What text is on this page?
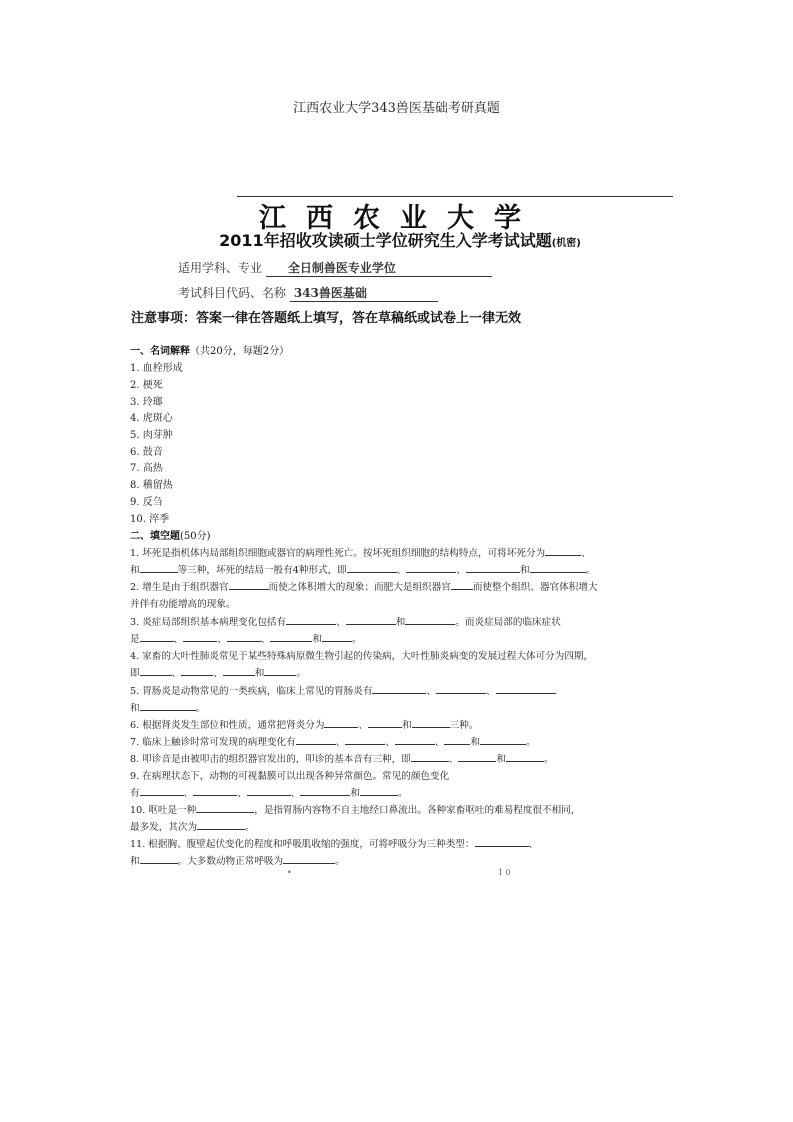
江西农业大学343兽医基础考研真题
江西农业大学
2011年招收攻读硕士学位研究生入学考试试题(机密)
适用学科、专业 全日制兽医专业学位
考试科目代码、名称 343兽医基础
注意事项：答案一律在答题纸上填写，答在草稿纸或试卷上一律无效
一、名词解释（共20分，每题2分）
1. 血栓形成
2. 梗死
3. 玲瑯
4. 虎斑心
5. 肉芽肿
6. 鼓音
7. 高热
8. 稽留热
9. 反刍
10. 淬季
二、填空题(50分)
1. 坏死是指机体内局部组织细胞或器官的病理性死亡。按坏死组织细胞的结构特点，可将坏死分为	、
和	等三种，坏死的结局一般有4种形式，即	、	、	和	。
2. 增生是由于组织器官	而使之体积增大的现象；而肥大是组织器官 而使整个组织、器官体积增大
并伴有功能增高的现象。
3. 炎症局部组织基本病理变化包括有	、	和	。而炎症局部的临床症状
是	、	、	、	和	。
4. 家畜的大叶性肺炎常见于某些特殊病原微生物引起的传染病，大叶性肺炎病变的发展过程大体可分为四期，
即	、	、	和	。
5. 胃肠炎是动物常见的一类疾病，临床上常见的胃肠炎有	、	、
和	。
6. 根据肾炎发生部位和性质，通常把肾炎分为	、	和	三种。
7. 临床上触诊时常可发现的病理变化有	、	、	、	和	。
8. 叩诊音是由被叩击的组织器官发出的，叩诊的基本音有三种，即	、	和	。
9. 在病理状态下，动物的可视黏膜可以出现各种异常颜色。常见的颜色变化
有	、	、	、	和	。
10. 呕吐是一种	，是指胃肠内容物不自主地经口鼻流出。各种家畜呕吐的难易程度很不相同，
最多发，其次为	。
11. 根据胸、腹壁起伏变化的程度和呼吸肌收缩的强度，可将呼吸分为三种类型：	、
和	。大多数动物正常呼吸为	。
•	1 0
